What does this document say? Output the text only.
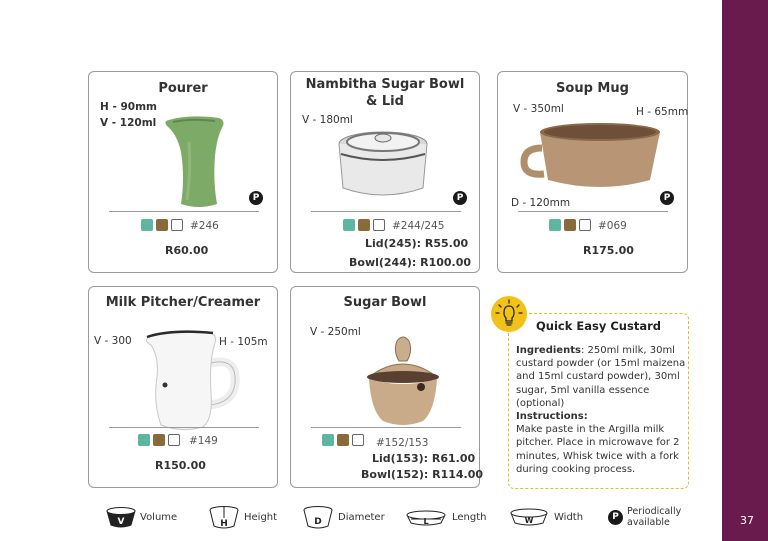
37
Pourer
H - 90mm
V - 120ml
P
#246
R60.00
Nambitha Sugar Bowl
& Lid
V - 180ml
P
#244/245
Lid(245): R55.00
Bowl(244): R100.00
Soup Mug
V - 350ml	H - 65mm
D - 120mm	P
#069
R175.00
Milk Pitcher/Creamer
V - 300	H - 105m
#149
R150.00
Sugar Bowl
V - 250ml
#152/153
Lid(153): R61.00
Bowl(152): R114.00
Quick Easy Custard
Ingredients: 250ml milk, 30ml custard powder (or 15ml maizena and 15ml custard powder), 30ml sugar, 5ml vanilla essence (optional)
Instructions:
Make paste in the Argilla milk pitcher. Place in microwave for 2 minutes, Whisk twice with a fork during cooking process.
V Volume
H
Height	D Diameter	L Length	W Width	P Periodically
available
